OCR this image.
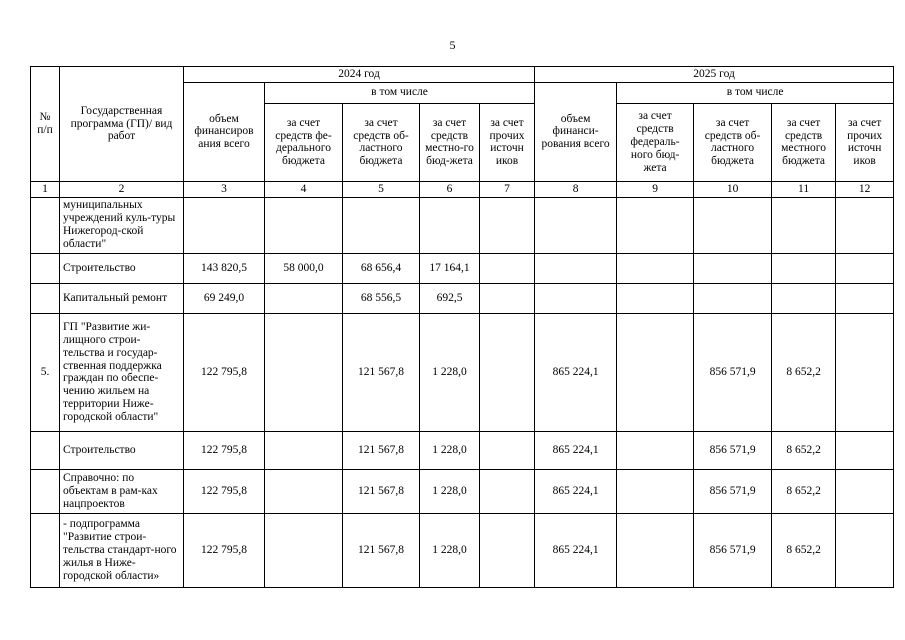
5
№ п/п	Государственная программа (ГП)/ вид работ	2024 год					2025 год				
		объем финансиров ания всего	в том числе				объем финанси-рования всего	в том числе			
			за счет средств фе-дерального бюджета	за счет средств об-ластного бюджета	за счет средств местно-го бюд-жета	за счет прочих источн иков		за счет средств федераль-ного бюд-жета	за счет средств об-ластного бюджета	за счет средств местного бюджета	за счет прочих источн иков
1	2	3	4	5	6	7	8	9	10	11	12
	муниципальных учреждений куль-туры Нижегород-ской области"										
	Строительство	143 820,5	58 000,0	68 656,4	17 164,1						
	Капитальный ремонт	69 249,0		68 556,5	692,5						
5.	ГП "Развитие жи-лищного строи-тельства и государ-ственная поддержка граждан по обеспе-чению жильем на территории Ниже-городской области"	122 795,8		121 567,8	1 228,0		865 224,1		856 571,9	8 652,2	
	Строительство	122 795,8		121 567,8	1 228,0		865 224,1		856 571,9	8 652,2	
	Справочно: по объектам в рам-ках нацпроектов	122 795,8		121 567,8	1 228,0		865 224,1		856 571,9	8 652,2	
	- подпрограмма "Развитие строи-тельства стандарт-ного жилья в Ниже-городской области»	122 795,8		121 567,8	1 228,0		865 224,1		856 571,9	8 652,2	
